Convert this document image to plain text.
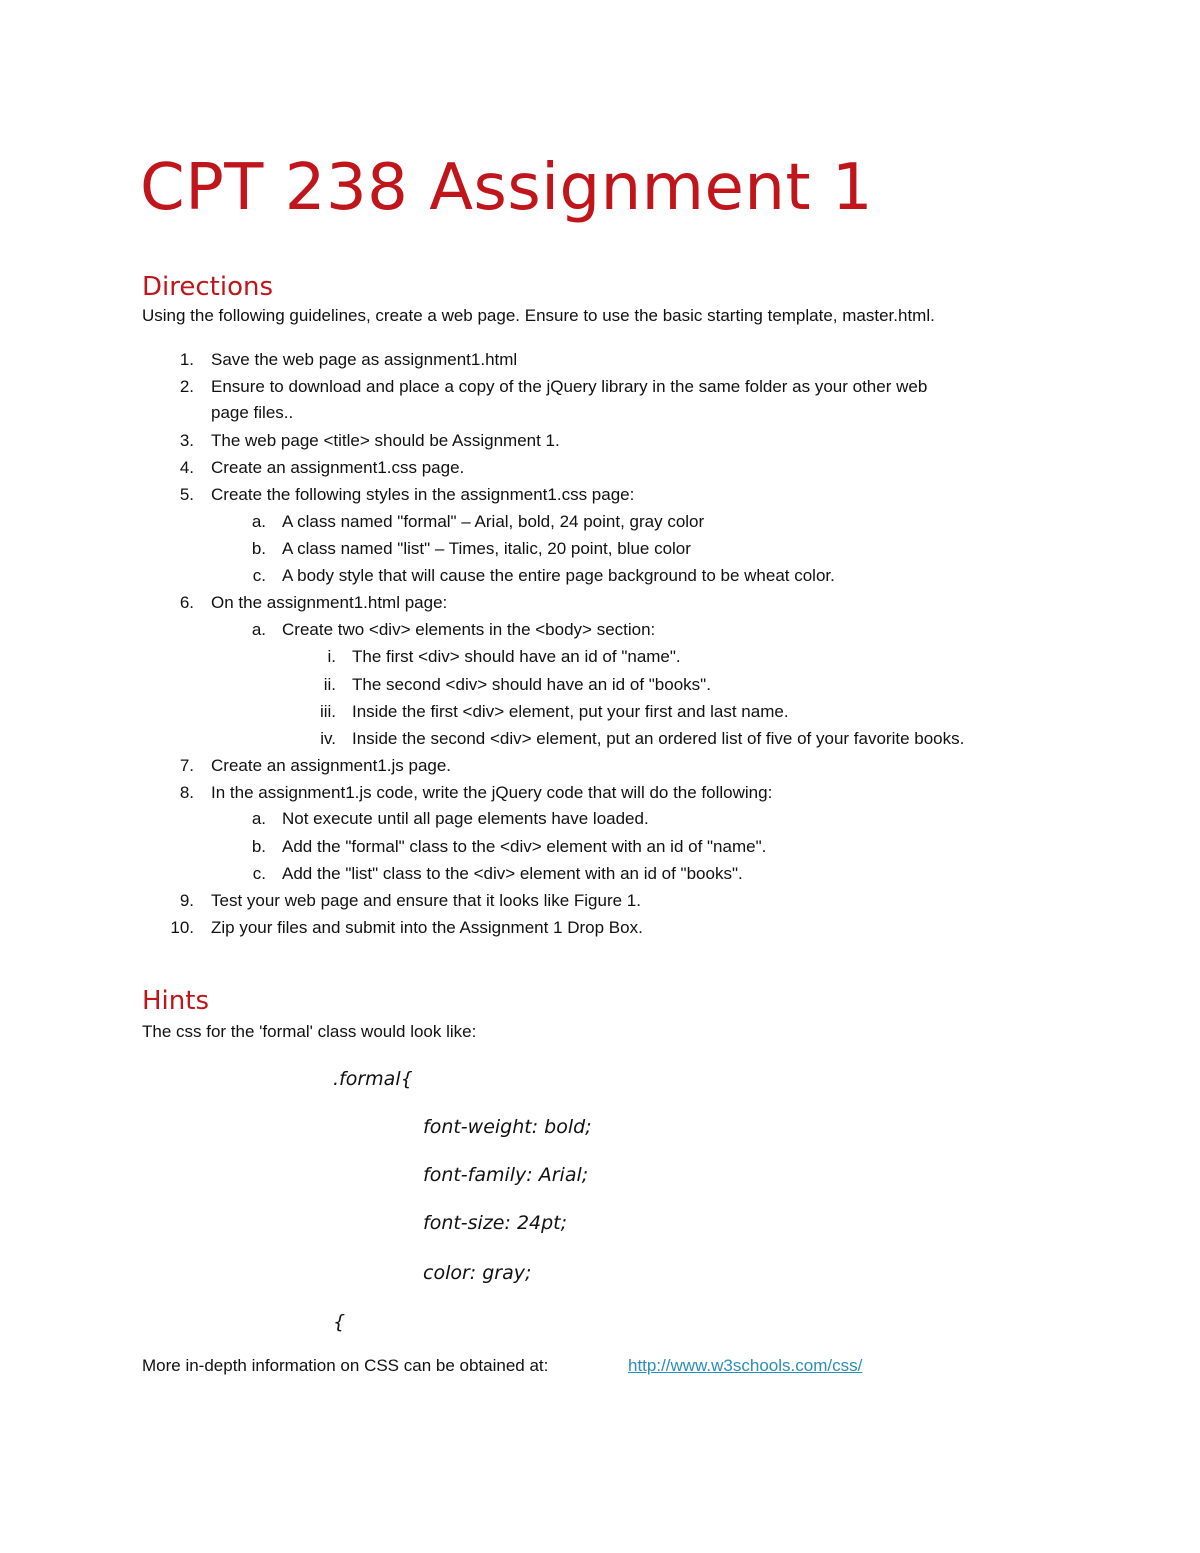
CPT 238 Assignment 1
Directions

Using the following guidelines, create a web page. Ensure to use the basic starting template, master.html.

1. Save the web page as assignment1.html
2. Ensure to download and place a copy of the jQuery library in the same folder as your other web
page files..
3. The web page <title> should be Assignment 1.
4. Create an assignment1.css page.
5. Create the following styles in the assignment1.css page:
a. A class named "formal" – Arial, bold, 24 point, gray color
b. A class named "list" – Times, italic, 20 point, blue color
c. A body style that will cause the entire page background to be wheat color.
6. On the assignment1.html page:
a. Create two <div> elements in the <body> section:
i. The first <div> should have an id of "name".
ii. The second <div> should have an id of "books".
iii. Inside the first <div> element, put your first and last name.
iv. Inside the second <div> element, put an ordered list of five of your favorite books.
7. Create an assignment1.js page.
8. In the assignment1.js code, write the jQuery code that will do the following:
a. Not execute until all page elements have loaded.
b. Add the "formal" class to the <div> element with an id of "name".
c. Add the "list" class to the <div> element with an id of "books".
9. Test your web page and ensure that it looks like Figure 1.
10. Zip your files and submit into the Assignment 1 Drop Box.
Hints

The css for the 'formal' class would look like:

.formal{
font-weight: bold;
font-family: Arial;
font-size: 24pt;
color: gray;
{
More in-depth information on CSS can be obtained at:	http://www.w3schools.com/css/
